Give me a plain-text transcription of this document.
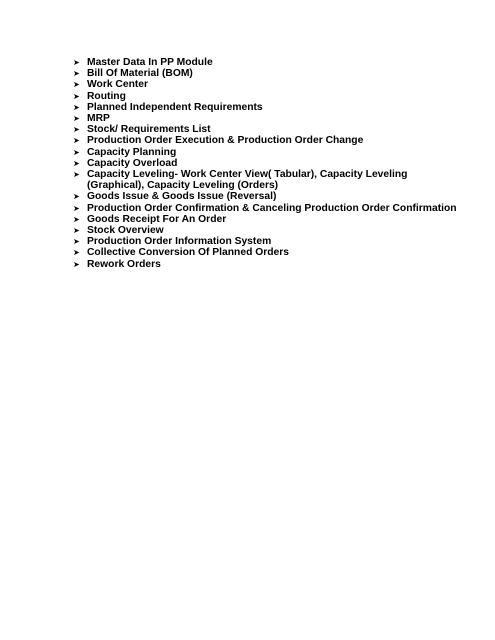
➤ Master Data In PP Module
➤ Bill Of Material (BOM)
➤ Work Center
➤ Routing
➤ Planned Independent Requirements
➤ MRP
➤ Stock/ Requirements List
➤ Production Order Execution & Production Order Change
➤ Capacity Planning
➤ Capacity Overload
➤ Capacity Leveling- Work Center View( Tabular), Capacity Leveling
(Graphical), Capacity Leveling (Orders)
➤ Goods Issue & Goods Issue (Reversal)
➤ Production Order Confirmation & Canceling Production Order Confirmation
➤ Goods Receipt For An Order
➤ Stock Overview
➤ Production Order Information System
➤ Collective Conversion Of Planned Orders
➤ Rework Orders
